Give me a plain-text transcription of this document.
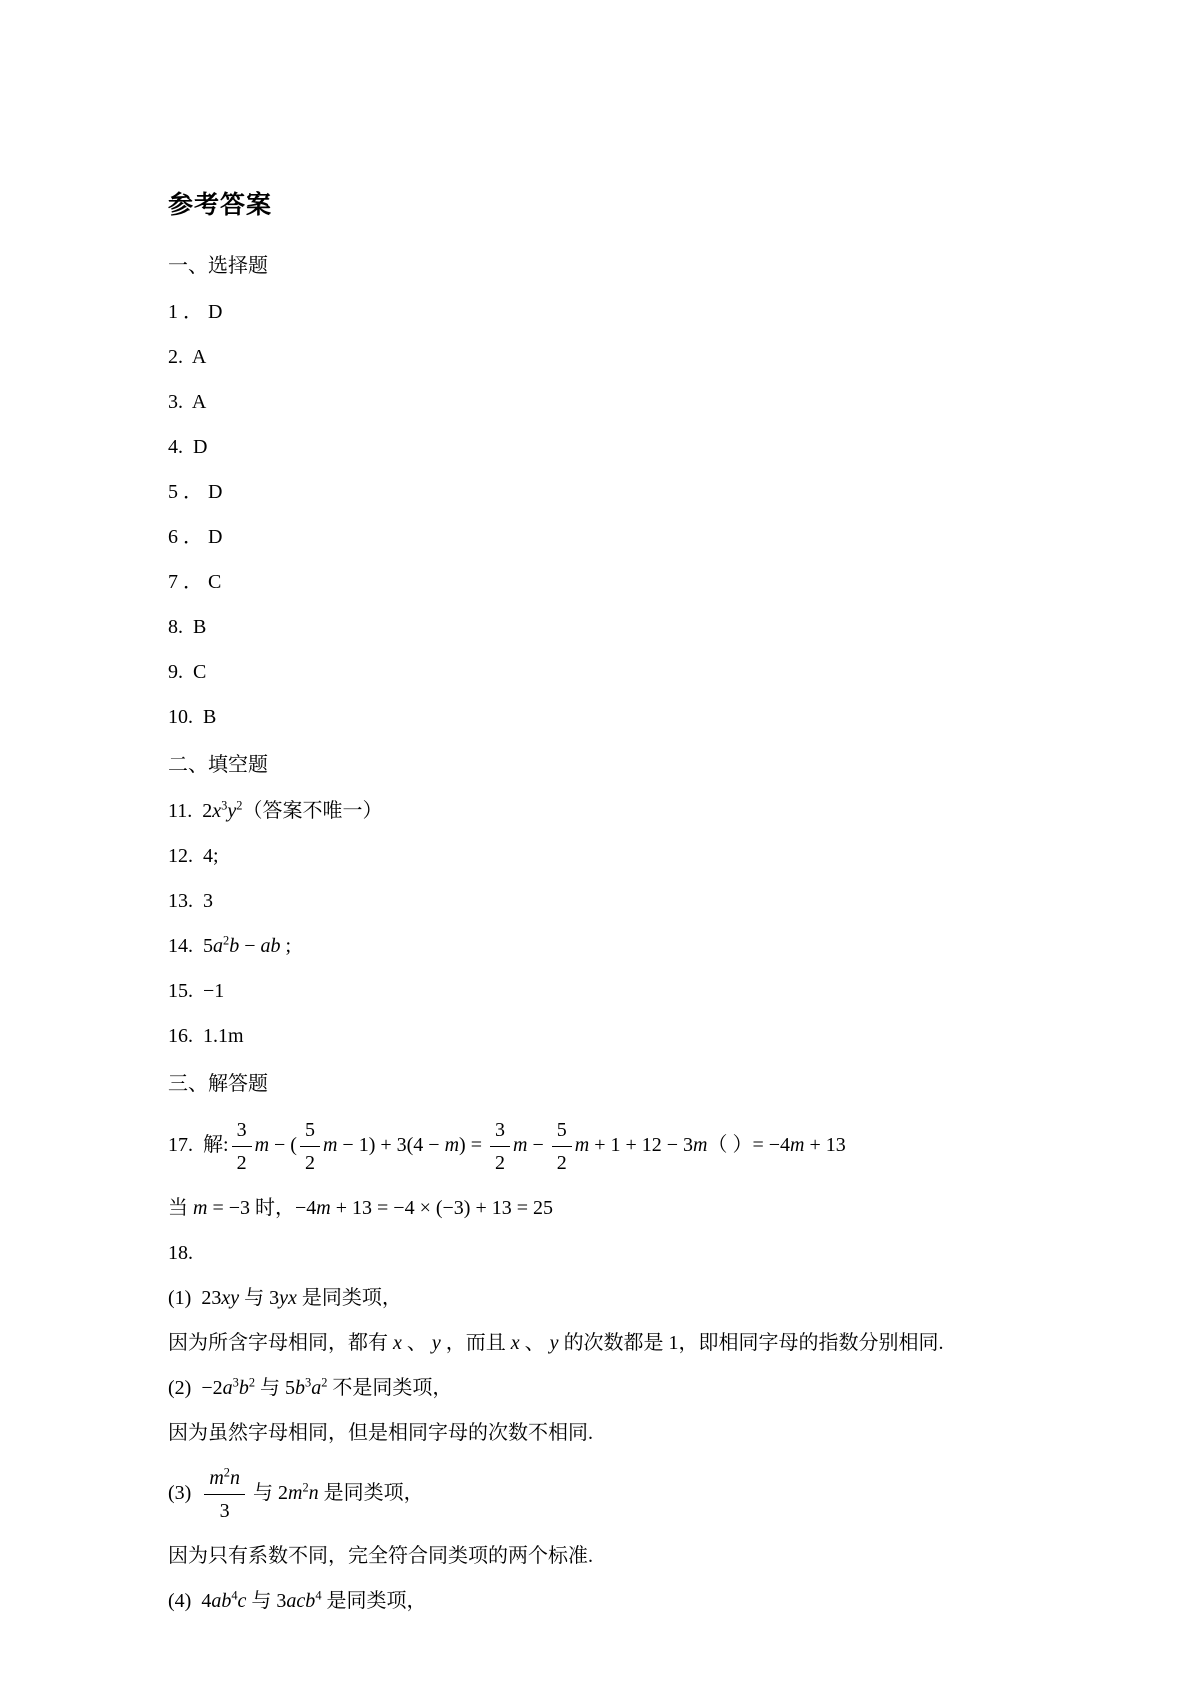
参考答案
一、选择题
1 ． D
2.  A
3.  A
4.  D
5 ． D
6 ． D
7 ． C
8.  B
9.  C
10.  B
二、填空题
11.  $2x^3y^2$（答案不唯一）
12.  4;
13.  3
14.  $5a^2b$ − ab ;
15.  −1
16.  1.1m
三、解答题
17.  解: $\frac{3}{2}$ m − ( $\frac{5}{2}$ $m - 1) + 3(4 - m) = \frac{3}{2}$ $m - \frac{5}{2}$ m + 1 + 12 − 3m（ ）= −4m + 13
当 m = −3 时，−4m + 13 = −4 × (−3) + 13 = 25
18.
(1)  23xy 与 3yx 是同类项，
因为所含字母相同，都有 x 、 y ，而且 x 、 y 的次数都是 1，即相同字母的指数分别相同.
$(2) -2a^3b^2$ 与 $5b^3a^2$ 不是同类项，
因为虽然字母相同，但是相同字母的次数不相同.
$(3) \frac{m^2n}{3}$ 与 $2m^2n$ 是同类项，
因为只有系数不同，完全符合同类项的两个标准.
(4)  $4ab^4c$ 与 3acb$^4$ 是同类项，
